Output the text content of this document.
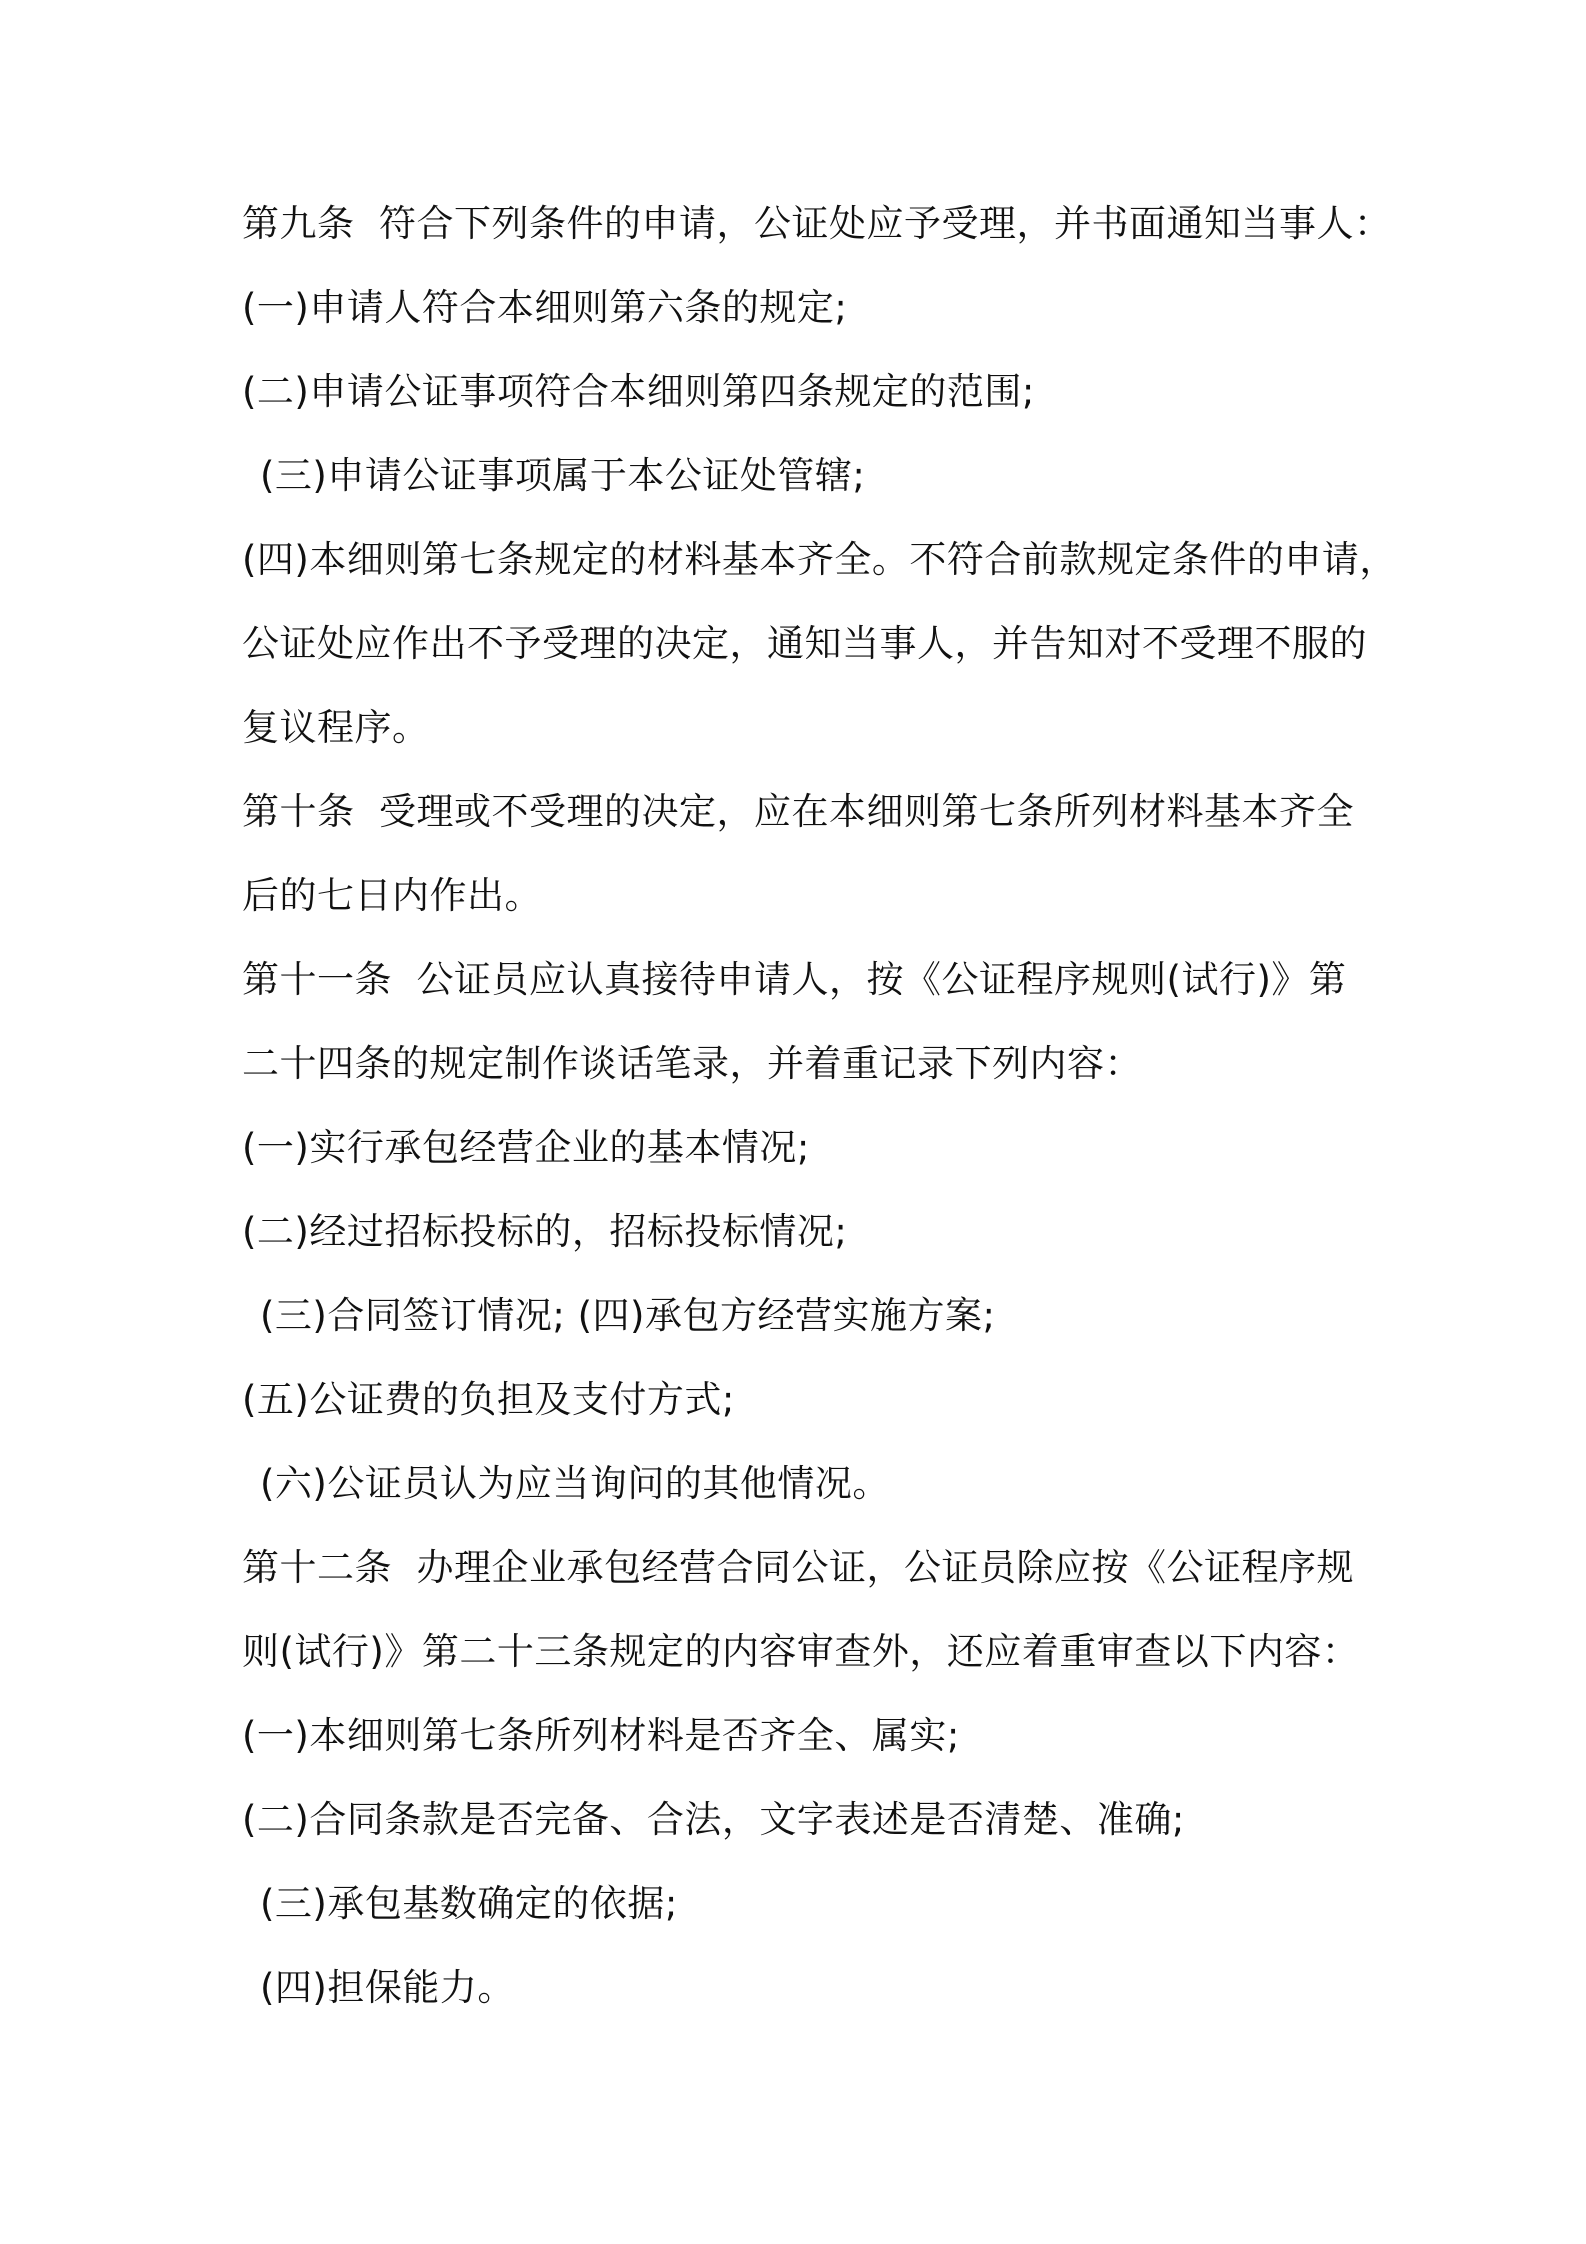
第九条  符合下列条件的申请，公证处应予受理，并书面通知当事人：

(一)申请人符合本细则第六条的规定;

(二)申请公证事项符合本细则第四条规定的范围;

(三)申请公证事项属于本公证处管辖;

(四)本细则第七条规定的材料基本齐全。不符合前款规定条件的申请，

公证处应作出不予受理的决定，通知当事人，并告知对不受理不服的

复议程序。

第十条  受理或不受理的决定，应在本细则第七条所列材料基本齐全

后的七日内作出。

第十一条  公证员应认真接待申请人，按《公证程序规则(试行)》第

二十四条的规定制作谈话笔录，并着重记录下列内容：

(一)实行承包经营企业的基本情况;

(二)经过招标投标的，招标投标情况;

(三)合同签订情况; (四)承包方经营实施方案;

(五)公证费的负担及支付方式;

(六)公证员认为应当询问的其他情况。

第十二条  办理企业承包经营合同公证，公证员除应按《公证程序规

则(试行)》第二十三条规定的内容审查外，还应着重审查以下内容：

(一)本细则第七条所列材料是否齐全、属实;

(二)合同条款是否完备、合法，文字表述是否清楚、准确;

(三)承包基数确定的依据;

(四)担保能力。
